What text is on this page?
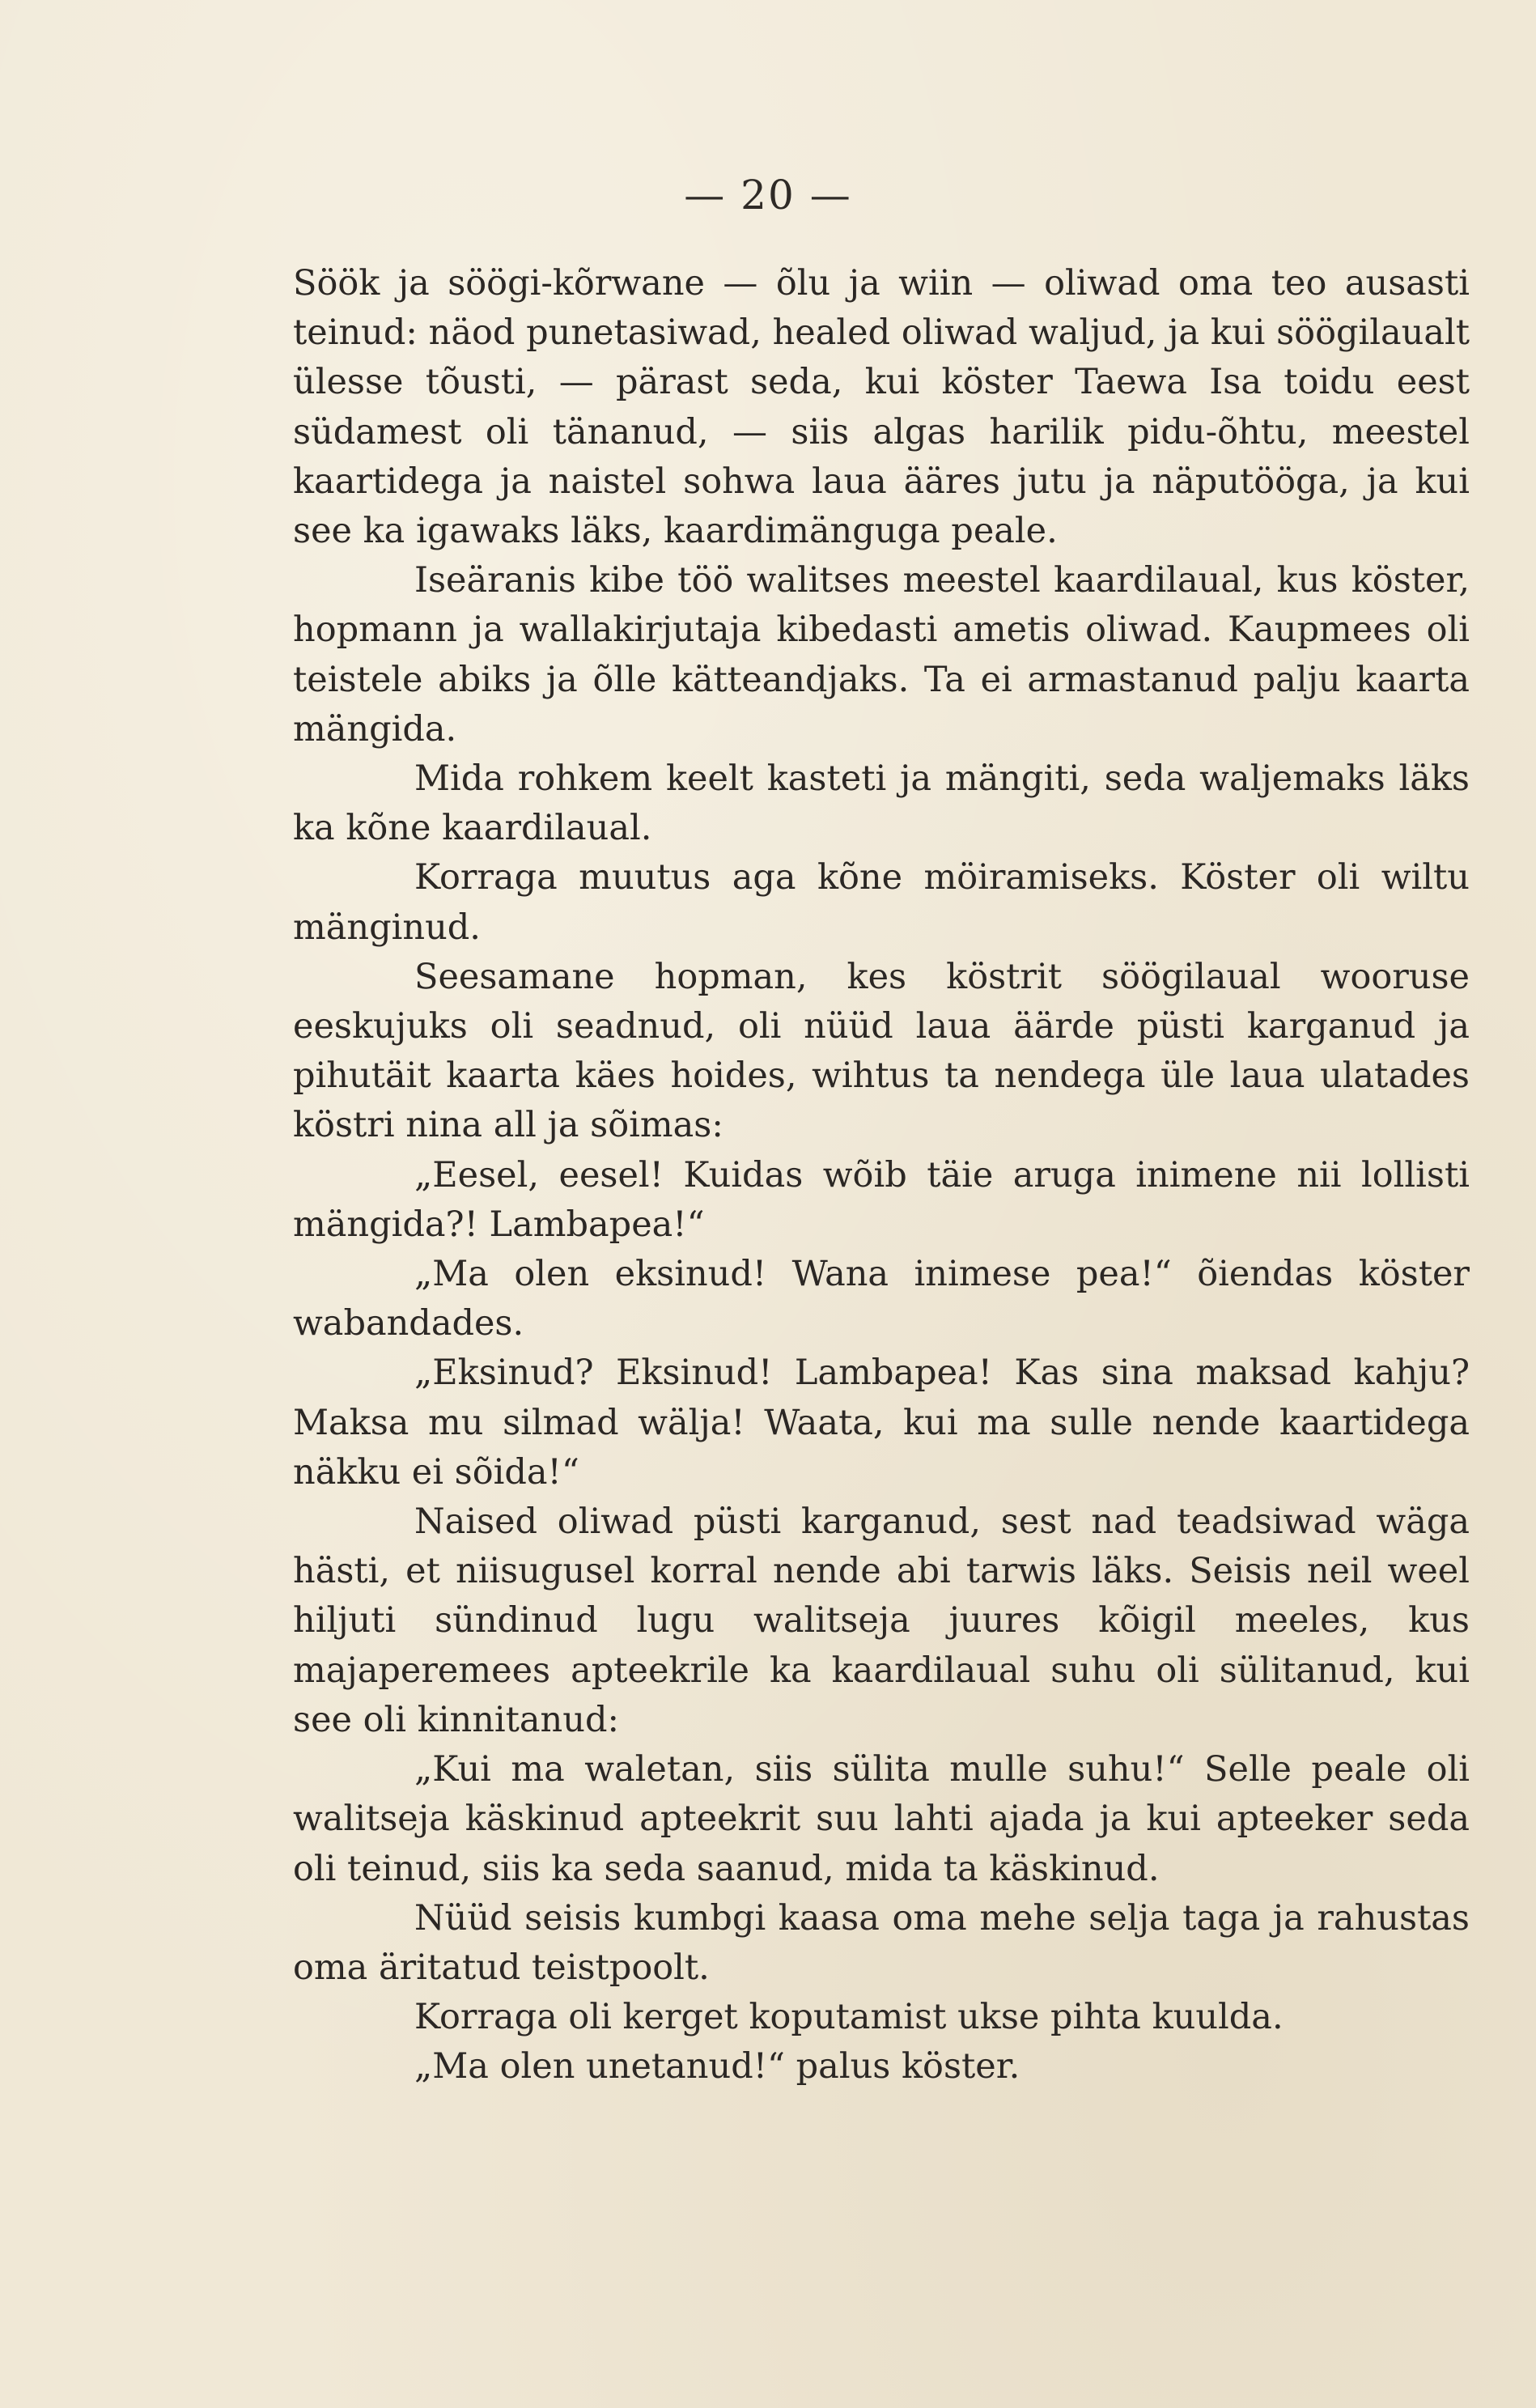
— 20 —

Söök ja söögi-kõrwane — õlu ja wiin — oliwad oma teo ausasti teinud: näod punetasiwad, healed oliwad waljud, ja kui söögilaualt ülesse tõusti, — pärast seda, kui köster Taewa Isa toidu eest südamest oli tänanud, — siis algas harilik pidu-õhtu, meestel kaartidega ja naistel sohwa laua ääres jutu ja näputööga, ja kui see ka igawaks läks, kaardimänguga peale.

Iseäranis kibe töö walitses meestel kaardilaual, kus köster, hopmann ja wallakirjutaja kibedasti ametis oliwad. Kaupmees oli teistele abiks ja õlle kätteandjaks. Ta ei armastanud palju kaarta mängida.

Mida rohkem keelt kasteti ja mängiti, seda waljemaks läks ka kõne kaardilaual.

Korraga muutus aga kõne möiramiseks. Köster oli wiltu mänginud.

Seesamane hopman, kes köstrit söögilaual wooruse eeskujuks oli seadnud, oli nüüd laua äärde püsti karganud ja pihutäit kaarta käes hoides, wihtus ta nendega üle laua ulatades köstri nina all ja sõimas:

„Eesel, eesel! Kuidas wõib täie aruga inimene nii lollisti mängida?! Lambapea!“

„Ma olen eksinud! Wana inimese pea!“ õiendas köster wabandades.

„Eksinud? Eksinud! Lambapea! Kas sina maksad kahju? Maksa mu silmad wälja! Waata, kui ma sulle nende kaartidega näkku ei sõida!“

Naised oliwad püsti karganud, sest nad teadsiwad wäga hästi, et niisugusel korral nende abi tarwis läks. Seisis neil weel hiljuti sündinud lugu walitseja juures kõigil meeles, kus majaperemees apteekrile ka kaardilaual suhu oli sülitanud, kui see oli kinnitanud:

„Kui ma waletan, siis sülita mulle suhu!“ Selle peale oli walitseja käskinud apteekrit suu lahti ajada ja kui apteeker seda oli teinud, siis ka seda saanud, mida ta käskinud.

Nüüd seisis kumbgi kaasa oma mehe selja taga ja rahustas oma äritatud teistpoolt.

Korraga oli kerget koputamist ukse pihta kuulda.

„Ma olen unetanud!“ palus köster.
